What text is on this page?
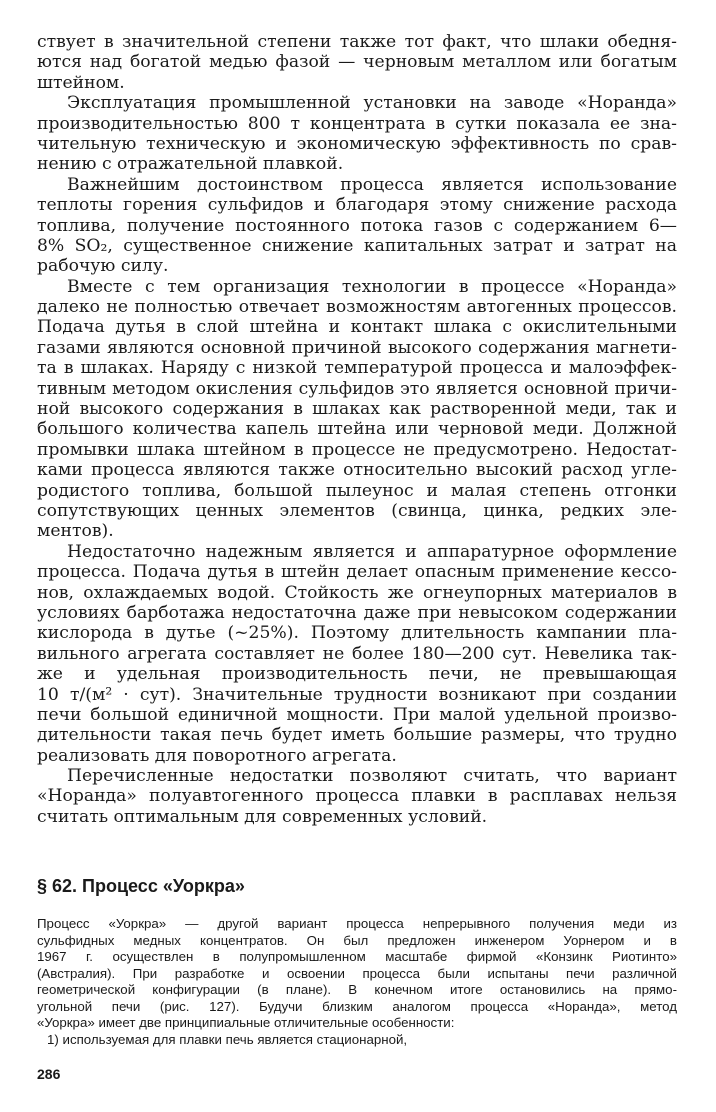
ствует в значительной степени также тот факт, что шлаки обедня-
ются над богатой медью фазой — черновым металлом или богатым
штейном.
Эксплуатация промышленной установки на заводе «Норанда»
производительностью 800 т концентрата в сутки показала ее зна-
чительную техническую и экономическую эффективность по срав-
нению с отражательной плавкой.
Важнейшим достоинством процесса является использование
теплоты горения сульфидов и благодаря этому снижение расхода
топлива, получение постоянного потока газов с содержанием 6—
8% SO₂, существенное снижение капитальных затрат и затрат на
рабочую силу.
Вместе с тем организация технологии в процессе «Норанда»
далеко не полностью отвечает возможностям автогенных процессов.
Подача дутья в слой штейна и контакт шлака с окислительными
газами являются основной причиной высокого содержания магнети-
та в шлаках. Наряду с низкой температурой процесса и малоэффек-
тивным методом окисления сульфидов это является основной причи-
ной высокого содержания в шлаках как растворенной меди, так и
большого количества капель штейна или черновой меди. Должной
промывки шлака штейном в процессе не предусмотрено. Недостат-
ками процесса являются также относительно высокий расход угле-
родистого топлива, большой пылеунос и малая степень отгонки
сопутствующих ценных элементов (свинца, цинка, редких эле-
ментов).
Недостаточно надежным является и аппаратурное оформление
процесса. Подача дутья в штейн делает опасным применение кессо-
нов, охлаждаемых водой. Стойкость же огнеупорных материалов в
условиях барботажа недостаточна даже при невысоком содержании
кислорода в дутье (~25%). Поэтому длительность кампании пла-
вильного агрегата составляет не более 180—200 сут. Невелика так-
же и удельная производительность печи, не превышающая
10 т/(м² · сут). Значительные трудности возникают при создании
печи большой единичной мощности. При малой удельной произво-
дительности такая печь будет иметь большие размеры, что трудно
реализовать для поворотного агрегата.
Перечисленные недостатки позволяют считать, что вариант
«Норанда» полуавтогенного процесса плавки в расплавах нельзя
считать оптимальным для современных условий.
§ 62. Процесс «Уоркра»
Процесс «Уоркра» — другой вариант процесса непрерывного получения меди из
сульфидных медных концентратов. Он был предложен инженером Уорнером и в
1967 г. осуществлен в полупромышленном масштабе фирмой «Конзинк Риотинто»
(Австралия). При разработке и освоении процесса были испытаны печи различной
геометрической конфигурации (в плане). В конечном итоге остановились на прямо-
угольной печи (рис. 127). Будучи близким аналогом процесса «Норанда», метод
«Уоркра» имеет две принципиальные отличительные особенности:
1) используемая для плавки печь является стационарной,
286
